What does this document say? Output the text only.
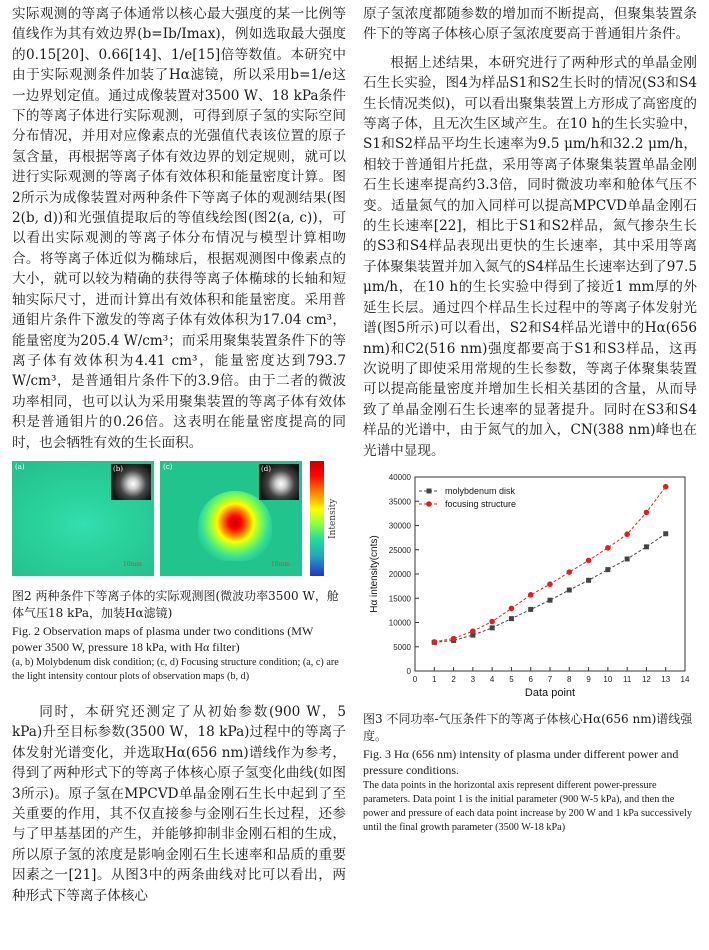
实际观测的等离子体通常以核心最大强度的某一比例等值线作为其有效边界(b=Ib/Imax)，例如选取最大强度的0.15[20]、0.66[14]、1/e[15]倍等数值。本研究中由于实际观测条件加装了Hα滤镜，所以采用b=1/e这一边界划定值。通过成像装置对3500 W、18 kPa条件下的等离子体进行实际观测，可得到原子氢的实际空间分布情况，并用对应像素点的光强值代表该位置的原子氢含量，再根据等离子体有效边界的划定规则，就可以进行实际观测的等离子体有效体积和能量密度计算。图2所示为成像装置对两种条件下等离子体的观测结果(图2(b, d))和光强值提取后的等值线绘图(图2(a, c))，可以看出实际观测的等离子体分布情况与模型计算相吻合。将等离子体近似为椭球后，根据观测图中像素点的大小，就可以较为精确的获得等离子体椭球的长轴和短轴实际尺寸，进而计算出有效体积和能量密度。采用普通钼片条件下激发的等离子体有效体积为17.04 cm³，能量密度为205.4 W/cm³；而采用聚集装置条件下的等离子体有效体积为4.41 cm³，能量密度达到793.7 W/cm³，是普通钼片条件下的3.9倍。由于二者的微波功率相同，也可以认为采用聚集装置的等离子体有效体积是普通钼片的0.26倍。这表明在能量密度提高的同时，也会牺牲有效的生长面积。

(a)	(b)
10mm
(c)	(d)
10mm
Intensity

图2 两种条件下等离子体的实际观测图(微波功率3500 W，舱体气压18 kPa，加装Hα滤镜)

Fig. 2 Observation maps of plasma under two conditions (MW power 3500 W, pressure 18 kPa, with Hα filter)

(a, b) Molybdenum disk condition; (c, d) Focusing structure condition; (a, c) are the light intensity contour plots of observation maps (b, d)

同时，本研究还测定了从初始参数(900 W，5 kPa)升至目标参数(3500 W，18 kPa)过程中的等离子体发射光谱变化，并选取Hα(656 nm)谱线作为参考，得到了两种形式下的等离子体核心原子氢变化曲线(如图3所示)。原子氢在MPCVD单晶金刚石生长中起到了至关重要的作用，其不仅直接参与金刚石生长过程，还参与了甲基基团的产生，并能够抑制非金刚石相的生成，所以原子氢的浓度是影响金刚石生长速率和品质的重要因素之一[21]。从图3中的两条曲线对比可以看出，两种形式下等离子体核心

原子氢浓度都随参数的增加而不断提高，但聚集装置条件下的等离子体核心原子氢浓度要高于普通钼片条件。

根据上述结果，本研究进行了两种形式的单晶金刚石生长实验，图4为样品S1和S2生长时的情况(S3和S4生长情况类似)，可以看出聚集装置上方形成了高密度的等离子体，且无次生区域产生。在10 h的生长实验中，S1和S2样品平均生长速率为9.5 μm/h和32.2 μm/h，相较于普通钼片托盘，采用等离子体聚集装置单晶金刚石生长速率提高约3.3倍，同时微波功率和舱体气压不变。适量氮气的加入同样可以提高MPCVD单晶金刚石的生长速率[22]，相比于S1和S2样品，氮气掺杂生长的S3和S4样品表现出更快的生长速率，其中采用等离子体聚集装置并加入氮气的S4样品生长速率达到了97.5 μm/h，在10 h的生长实验中得到了接近1 mm厚的外延生长层。通过四个样品生长过程中的等离子体发射光谱(图5所示)可以看出，S2和S4样品光谱中的Hα(656 nm)和C2(516 nm)强度都要高于S1和S3样品，这再次说明了即使采用常规的生长参数，等离子体聚集装置可以提高能量密度并增加生长相关基团的含量，从而导致了单晶金刚石生长速率的显著提升。同时在S3和S4样品的光谱中，由于氮气的加入，CN(388 nm)峰也在光谱中显现。

0
5000
10000
15000
20000
25000
30000
35000
40000
0 1 2 3 4 5 6 7 8 9 10 11 12 13 14
Data point
Hα intensity(cnts)
molybdenum disk
focusing structure

图3 不同功率-气压条件下的等离子体核心Hα(656 nm)谱线强度。

Fig. 3 Hα (656 nm) intensity of plasma under different power and pressure conditions.

The data points in the horizontal axis represent different power-pressure parameters. Data point 1 is the initial parameter (900 W-5 kPa), and then the power and pressure of each data point increase by 200 W and 1 kPa successively until the final growth parameter (3500 W-18 kPa)
